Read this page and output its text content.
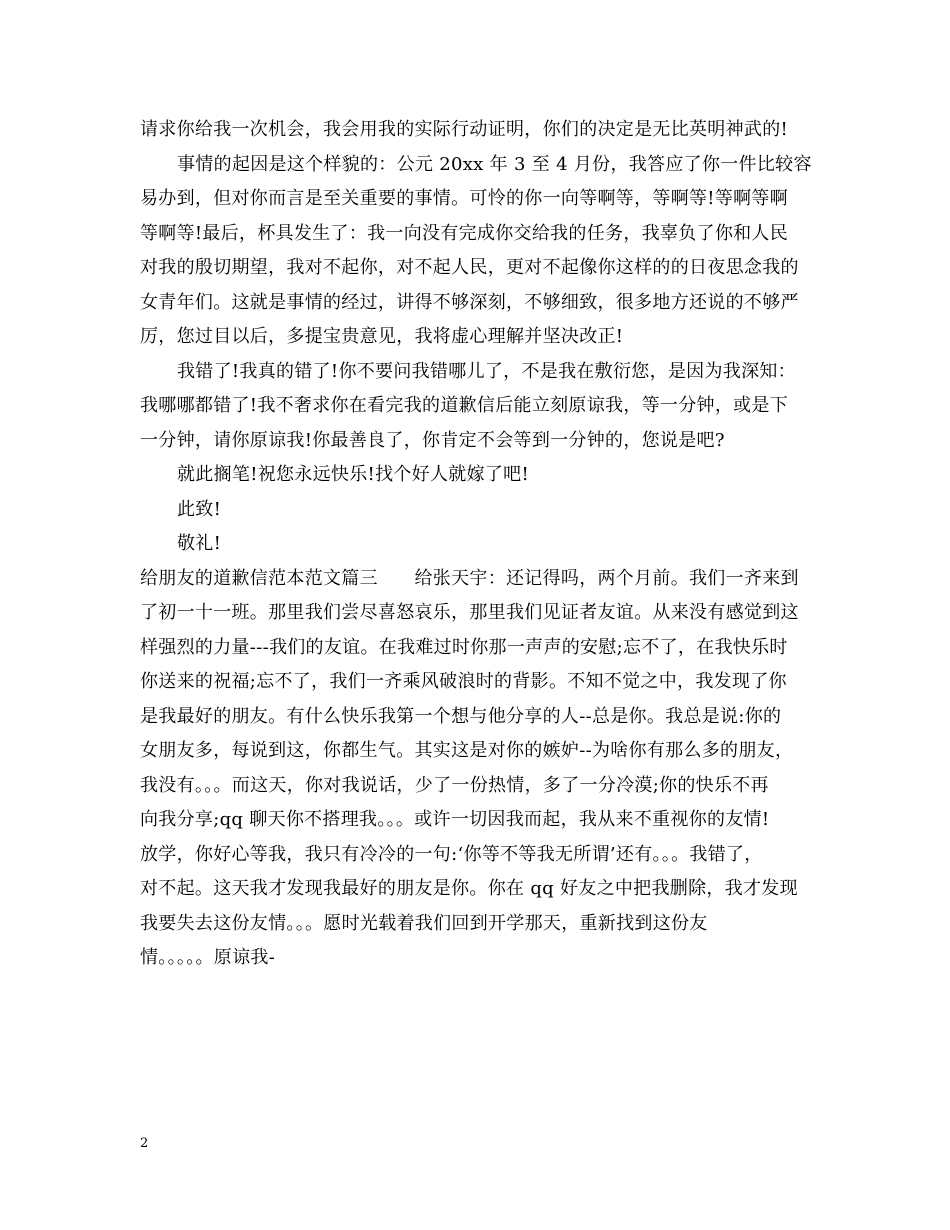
请求你给我一次机会，我会用我的实际行动证明，你们的决定是无比英明神武的!
事情的起因是这个样貌的：公元 20xx 年 3 至 4 月份，我答应了你一件比较容
易办到，但对你而言是至关重要的事情。可怜的你一向等啊等，等啊等!等啊等啊
等啊等!最后，杯具发生了：我一向没有完成你交给我的任务，我辜负了你和人民
对我的殷切期望，我对不起你，对不起人民，更对不起像你这样的的日夜思念我的
女青年们。这就是事情的经过，讲得不够深刻，不够细致，很多地方还说的不够严
厉，您过目以后，多提宝贵意见，我将虚心理解并坚决改正!
我错了!我真的错了!你不要问我错哪儿了，不是我在敷衍您，是因为我深知：
我哪哪都错了!我不奢求你在看完我的道歉信后能立刻原谅我，等一分钟，或是下
一分钟，请你原谅我!你最善良了，你肯定不会等到一分钟的，您说是吧?
就此搁笔!祝您永远快乐!找个好人就嫁了吧!
此致!
敬礼!
给朋友的道歉信范本范文篇三　　给张天宇：还记得吗，两个月前。我们一齐来到
了初一十一班。那里我们尝尽喜怒哀乐，那里我们见证者友谊。从来没有感觉到这
样强烈的力量---我们的友谊。在我难过时你那一声声的安慰;忘不了，在我快乐时
你送来的祝福;忘不了，我们一齐乘风破浪时的背影。不知不觉之中，我发现了你
是我最好的朋友。有什么快乐我第一个想与他分享的人--总是你。我总是说:你的
女朋友多，每说到这，你都生气。其实这是对你的嫉妒--为啥你有那么多的朋友，
我没有。。。而这天，你对我说话，少了一份热情，多了一分冷漠;你的快乐不再
向我分享;qq 聊天你不搭理我。。。或许一切因我而起，我从来不重视你的友情!
放学，你好心等我，我只有冷冷的一句:‘你等不等我无所谓’还有。。。我错了，
对不起。这天我才发现我最好的朋友是你。你在 qq 好友之中把我删除，我才发现
我要失去这份友情。。。愿时光载着我们回到开学那天，重新找到这份友
情。。。。。原谅我-
2
